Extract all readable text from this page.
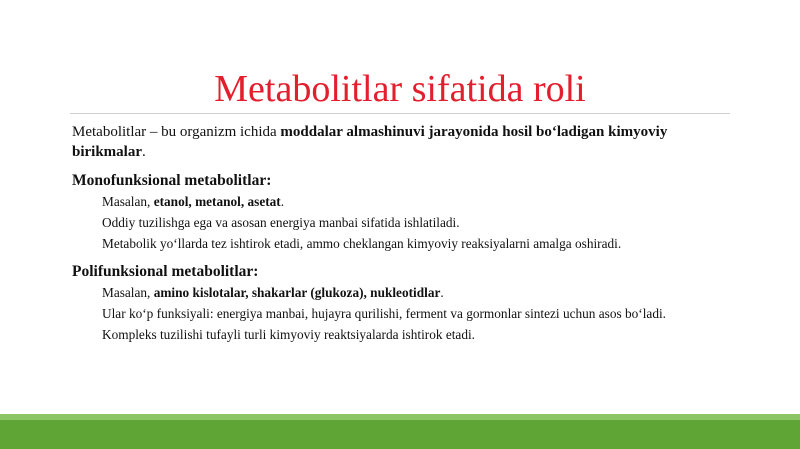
Metabolitlar sifatida roli

Metabolitlar – bu organizm ichida moddalar almashinuvi jarayonida hosil bo‘ladigan kimyoviy birikmalar.

Monofunksional metabolitlar:

Masalan, etanol, metanol, asetat.
Oddiy tuzilishga ega va asosan energiya manbai sifatida ishlatiladi.
Metabolik yo‘llarda tez ishtirok etadi, ammo cheklangan kimyoviy reaksiyalarni amalga oshiradi.

Polifunksional metabolitlar:

Masalan, amino kislotalar, shakarlar (glukoza), nukleotidlar.
Ular ko‘p funksiyali: energiya manbai, hujayra qurilishi, ferment va gormonlar sintezi uchun asos bo‘ladi.
Kompleks tuzilishi tufayli turli kimyoviy reaktsiyalarda ishtirok etadi.
